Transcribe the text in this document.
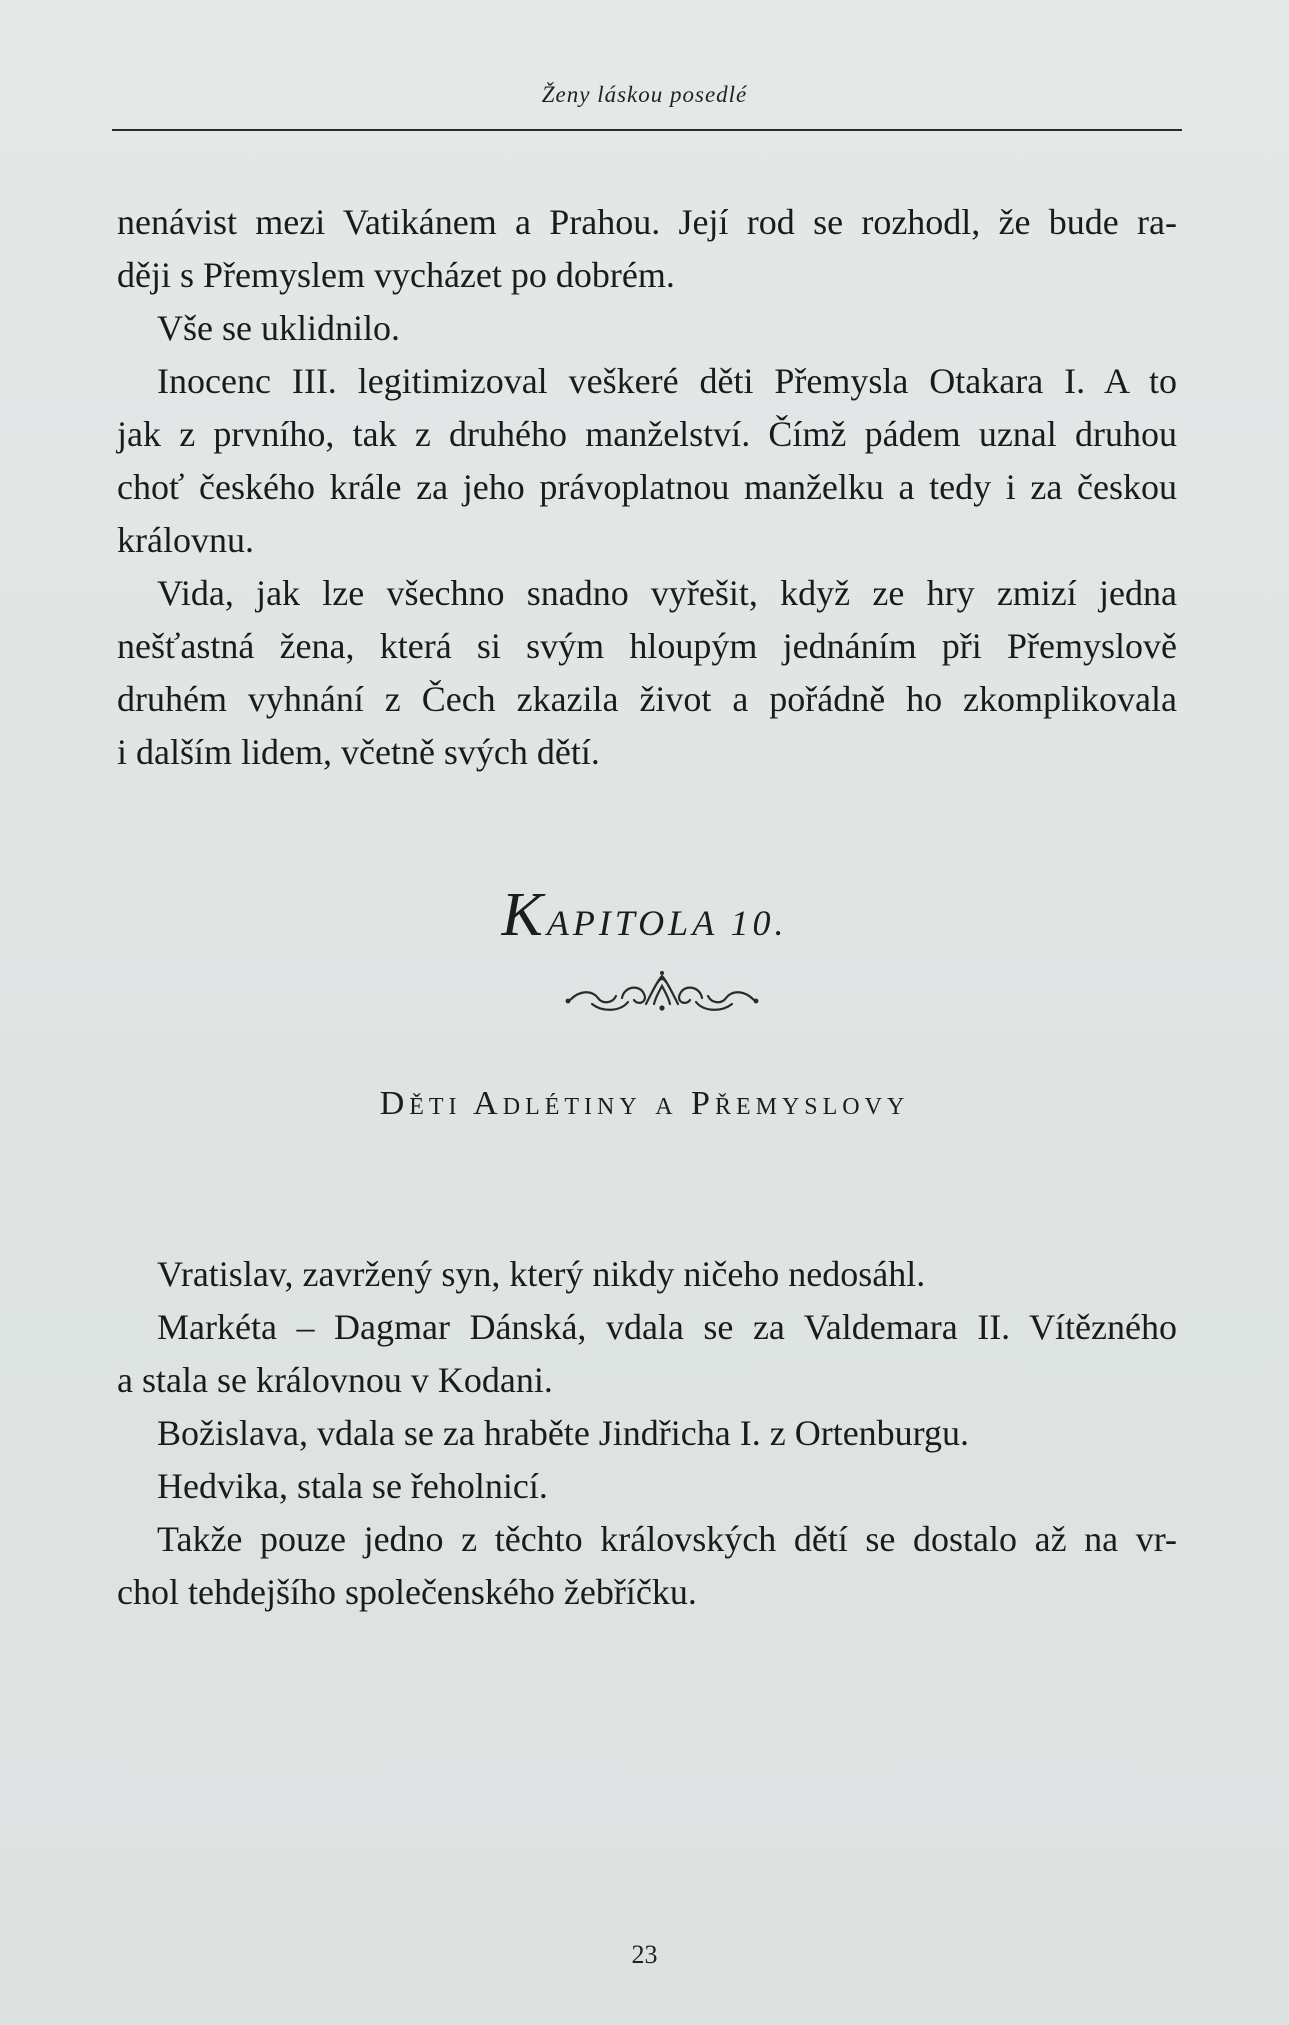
Ženy láskou posedlé

nenávist mezi Vatikánem a Prahou. Její rod se rozhodl, že bude ra-
ději s Přemyslem vycházet po dobrém.

Vše se uklidnilo.

Inocenc III. legitimizoval veškeré děti Přemysla Otakara I. A to
jak z prvního, tak z druhého manželství. Čímž pádem uznal druhou
choť českého krále za jeho právoplatnou manželku a tedy i za českou
královnu.

Vida, jak lze všechno snadno vyřešit, když ze hry zmizí jedna
nešťastná žena, která si svým hloupým jednáním při Přemyslově
druhém vyhnání z Čech zkazila život a pořádně ho zkomplikovala
i dalším lidem, včetně svých dětí.

KAPITOLA 10.
Děti Adlétiny a Přemyslovy

Vratislav, zavržený syn, který nikdy ničeho nedosáhl.

Markéta – Dagmar Dánská, vdala se za Valdemara II. Vítězného
a stala se královnou v Kodani.

Božislava, vdala se za hraběte Jindřicha I. z Ortenburgu.

Hedvika, stala se řeholnicí.

Takže pouze jedno z těchto královských dětí se dostalo až na vr-
chol tehdejšího společenského žebříčku.

23
